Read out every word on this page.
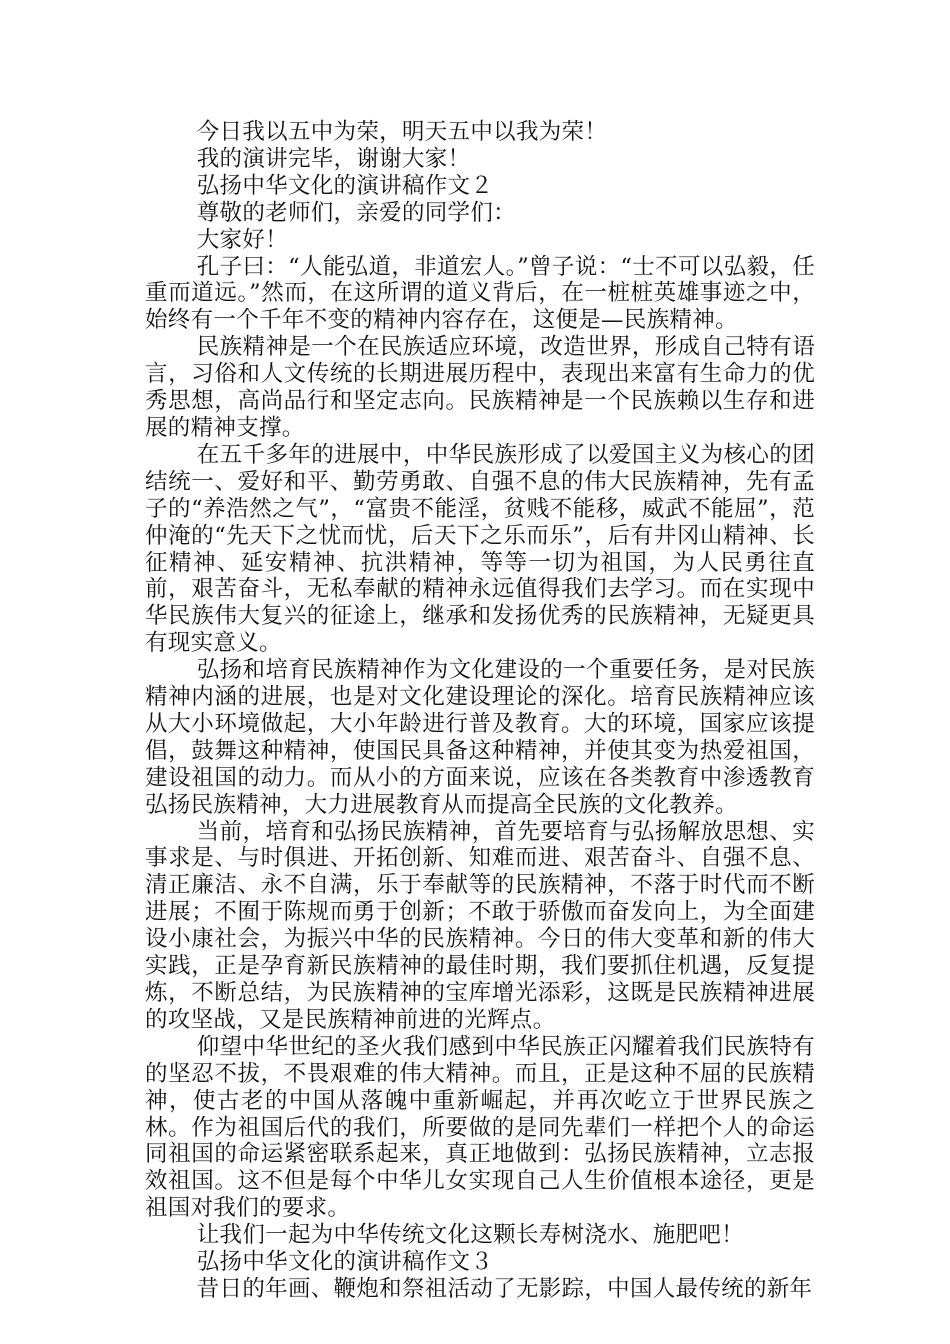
今日我以五中为荣，明天五中以我为荣！

我的演讲完毕，谢谢大家！

弘扬中华文化的演讲稿作文２

尊敬的老师们，亲爱的同学们：

大家好！

孔子曰：“人能弘道，非道宏人。”曾子说：“士不可以弘毅，任重而道远。”然而，在这所谓的道义背后，在一桩桩英雄事迹之中，始终有一个千年不变的精神内容存在，这便是—民族精神。

民族精神是一个在民族适应环境，改造世界，形成自己特有语言，习俗和人文传统的长期进展历程中，表现出来富有生命力的优秀思想，高尚品行和坚定志向。民族精神是一个民族赖以生存和进展的精神支撑。

在五千多年的进展中，中华民族形成了以爱国主义为核心的团结统一、爱好和平、勤劳勇敢、自强不息的伟大民族精神，先有孟子的“养浩然之气”，“富贵不能淫，贫贱不能移，威武不能屈”，范仲淹的“先天下之忧而忧，后天下之乐而乐”，后有井冈山精神、长征精神、延安精神、抗洪精神，等等一切为祖国，为人民勇往直前，艰苦奋斗，无私奉献的精神永远值得我们去学习。而在实现中华民族伟大复兴的征途上，继承和发扬优秀的民族精神，无疑更具有现实意义。

弘扬和培育民族精神作为文化建设的一个重要任务，是对民族精神内涵的进展，也是对文化建设理论的深化。培育民族精神应该从大小环境做起，大小年龄进行普及教育。大的环境，国家应该提倡，鼓舞这种精神，使国民具备这种精神，并使其变为热爱祖国，建设祖国的动力。而从小的方面来说，应该在各类教育中渗透教育弘扬民族精神，大力进展教育从而提高全民族的文化教养。

当前，培育和弘扬民族精神，首先要培育与弘扬解放思想、实事求是、与时俱进、开拓创新、知难而进、艰苦奋斗、自强不息、清正廉洁、永不自满，乐于奉献等的民族精神，不落于时代而不断进展；不囿于陈规而勇于创新；不敢于骄傲而奋发向上，为全面建设小康社会，为振兴中华的民族精神。今日的伟大变革和新的伟大实践，正是孕育新民族精神的最佳时期，我们要抓住机遇，反复提炼，不断总结，为民族精神的宝库增光添彩，这既是民族精神进展的攻坚战，又是民族精神前进的光辉点。

仰望中华世纪的圣火我们感到中华民族正闪耀着我们民族特有的坚忍不拔，不畏艰难的伟大精神。而且，正是这种不屈的民族精神，使古老的中国从落魄中重新崛起，并再次屹立于世界民族之林。作为祖国后代的我们，所要做的是同先辈们一样把个人的命运同祖国的命运紧密联系起来，真正地做到：弘扬民族精神，立志报效祖国。这不但是每个中华儿女实现自己人生价值根本途径，更是祖国对我们的要求。

让我们一起为中华传统文化这颗长寿树浇水、施肥吧！

弘扬中华文化的演讲稿作文３

昔日的年画、鞭炮和祭祖活动了无影踪，中国人最传统的新年
